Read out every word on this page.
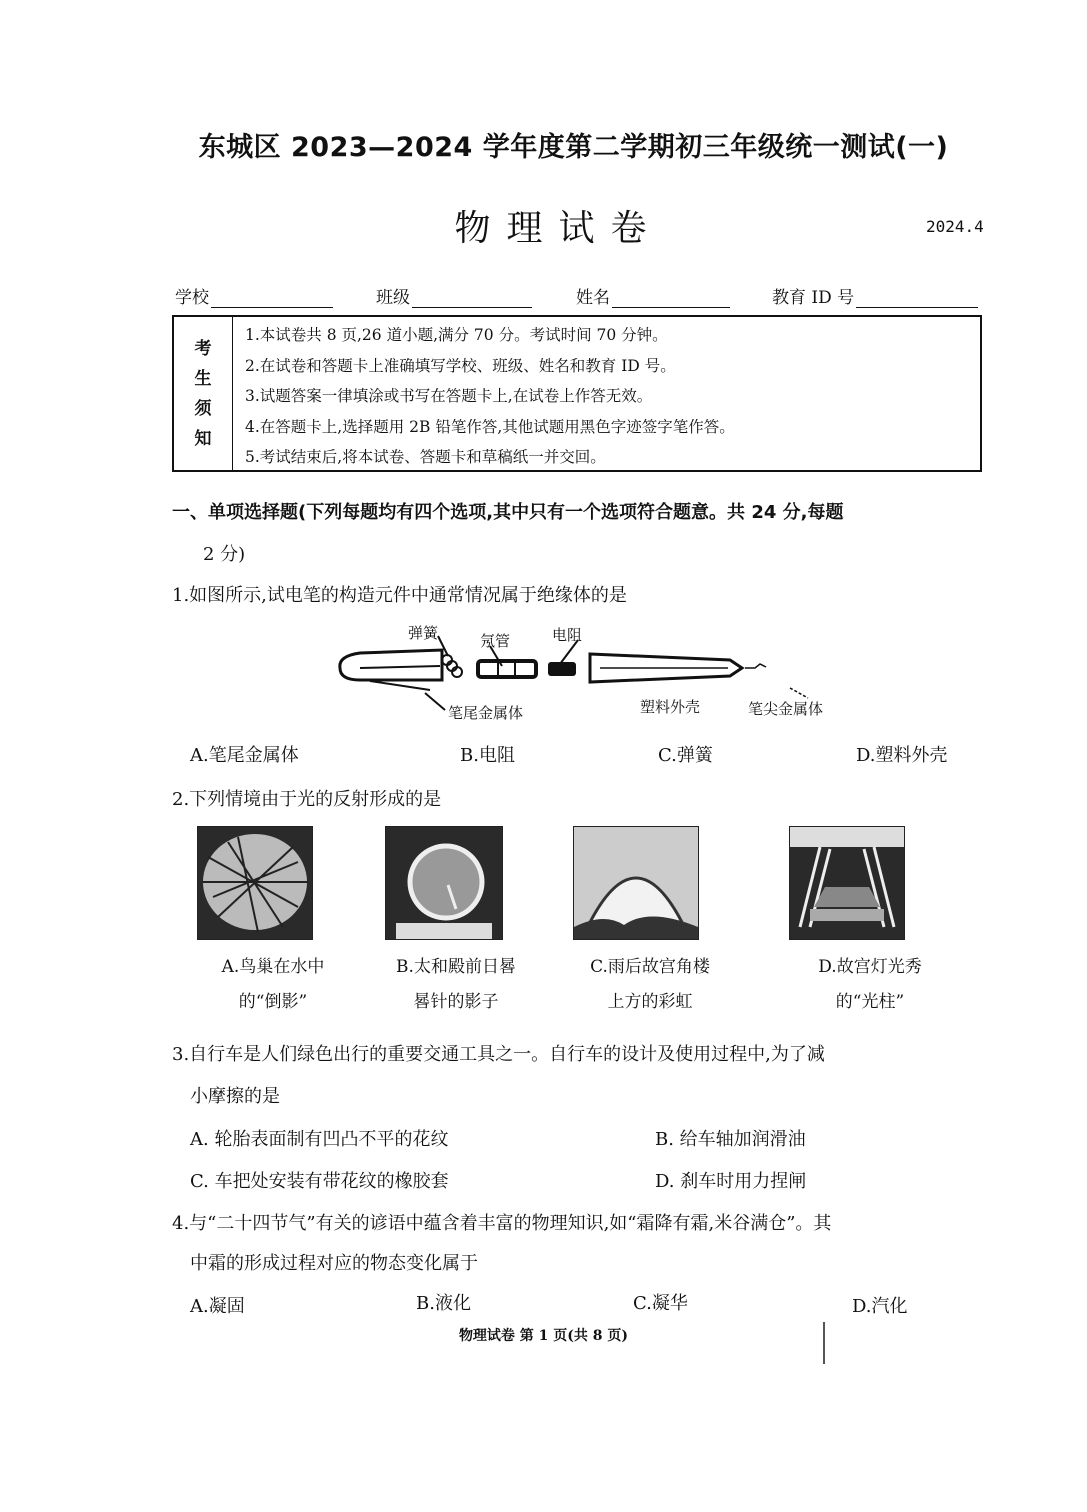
东城区 2023—2024 学年度第二学期初三年级统一测试(一)
物理试卷	2024.4
学校	班级	姓名	教育 ID 号
考
生
须
知
1.本试卷共 8 页,26 道小题,满分 70 分。考试时间 70 分钟。
2.在试卷和答题卡上准确填写学校、班级、姓名和教育 ID 号。
3.试题答案一律填涂或书写在答题卡上,在试卷上作答无效。
4.在答题卡上,选择题用 2B 铅笔作答,其他试题用黑色字迹签字笔作答。
5.考试结束后,将本试卷、答题卡和草稿纸一并交回。
一、单项选择题(下列每题均有四个选项,其中只有一个选项符合题意。共 24 分,每题
2 分)
1.如图所示,试电笔的构造元件中通常情况属于绝缘体的是
弹簧	氖管	电阻
笔尾金属体	塑料外壳	笔尖金属体
A.笔尾金属体	B.电阻	C.弹簧	D.塑料外壳
2.下列情境由于光的反射形成的是
A.鸟巢在水中
的“倒影”
B.太和殿前日晷
晷针的影子
C.雨后故宫角楼
上方的彩虹
D.故宫灯光秀
的“光柱”
3.自行车是人们绿色出行的重要交通工具之一。自行车的设计及使用过程中,为了减
小摩擦的是
A. 轮胎表面制有凹凸不平的花纹	B. 给车轴加润滑油
C. 车把处安装有带花纹的橡胶套	D. 刹车时用力捏闸
4.与“二十四节气”有关的谚语中蕴含着丰富的物理知识,如“霜降有霜,米谷满仓”。其
中霜的形成过程对应的物态变化属于
A.凝固	B.液化	C.凝华	D.汽化
物理试卷 第 1 页(共 8 页)
